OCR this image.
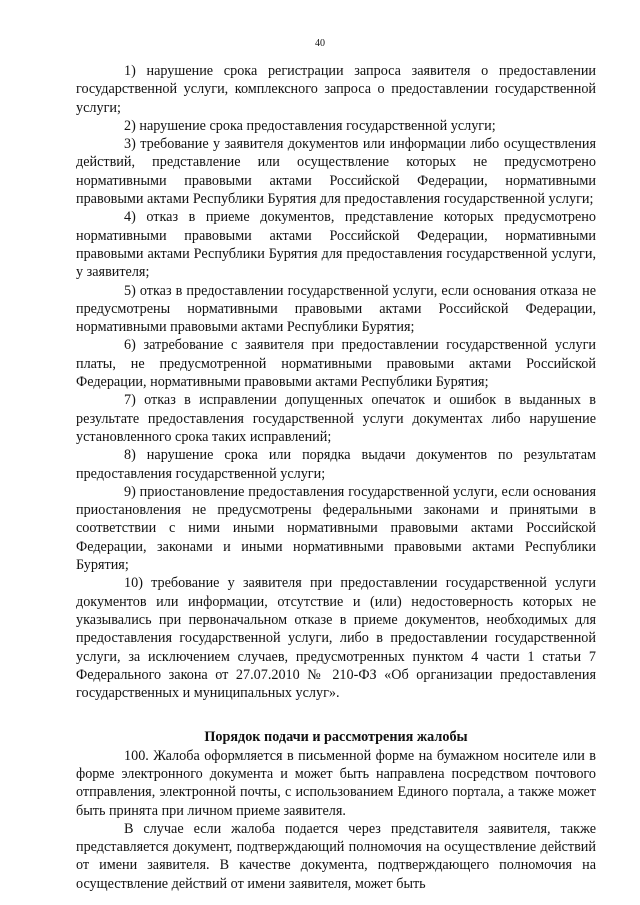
40

1) нарушение срока регистрации запроса заявителя о предоставлении государственной услуги, комплексного запроса о предоставлении государственной услуги;

2) нарушение срока предоставления государственной услуги;

3) требование у заявителя документов или информации либо осуществления действий, представление или осуществление которых не предусмотрено нормативными правовыми актами Российской Федерации, нормативными правовыми актами Республики Бурятия для предоставления государственной услуги;

4) отказ в приеме документов, представление которых предусмотрено нормативными правовыми актами Российской Федерации, нормативными правовыми актами Республики Бурятия для предоставления государственной услуги, у заявителя;

5) отказ в предоставлении государственной услуги, если основания отказа не предусмотрены нормативными правовыми актами Российской Федерации, нормативными правовыми актами Республики Бурятия;

6) затребование с заявителя при предоставлении государственной услуги платы, не предусмотренной нормативными правовыми актами Российской Федерации, нормативными правовыми актами Республики Бурятия;

7) отказ в исправлении допущенных опечаток и ошибок в выданных в результате предоставления государственной услуги документах либо нарушение установленного срока таких исправлений;

8) нарушение срока или порядка выдачи документов по результатам предоставления государственной услуги;

9) приостановление предоставления государственной услуги, если основания приостановления не предусмотрены федеральными законами и принятыми в соответствии с ними иными нормативными правовыми актами Российской Федерации, законами и иными нормативными правовыми актами Республики Бурятия;

10) требование у заявителя при предоставлении государственной услуги документов или информации, отсутствие и (или) недостоверность которых не указывались при первоначальном отказе в приеме документов, необходимых для предоставления государственной услуги, либо в предоставлении государственной услуги, за исключением случаев, предусмотренных пунктом 4 части 1 статьи 7 Федерального закона от 27.07.2010 № 210-ФЗ «Об организации предоставления государственных и муниципальных услуг».

Порядок подачи и рассмотрения жалобы

100. Жалоба оформляется в письменной форме на бумажном носителе или в форме электронного документа и может быть направлена посредством почтового отправления, электронной почты, с использованием Единого портала, а также может быть принята при личном приеме заявителя.

В случае если жалоба подается через представителя заявителя, также представляется документ, подтверждающий полномочия на осуществление действий от имени заявителя. В качестве документа, подтверждающего полномочия на осуществление действий от имени заявителя, может быть
